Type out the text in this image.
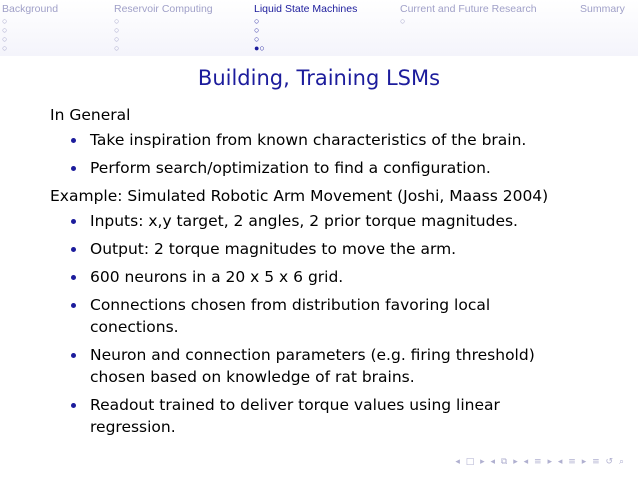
Background
○
○
○
○
Reservoir Computing
○
○
○
○
Liquid State Machines
○
○
○
●○
Current and Future Research
○
Summary
Building, Training LSMs

In General

Take inspiration from known characteristics of the brain.
Perform search/optimization to find a configuration.

Example: Simulated Robotic Arm Movement (Joshi, Maass 2004)

Inputs: x,y target, 2 angles, 2 prior torque magnitudes.
Output: 2 torque magnitudes to move the arm.
600 neurons in a 20 x 5 x 6 grid.
Connections chosen from distribution favoring local conections.
Neuron and connection parameters (e.g. firing threshold) chosen based on knowledge of rat brains.
Readout trained to deliver torque values using linear regression.
◂ □ ▸ ◂ ⧉ ▸ ◂ ≡ ▸ ◂ ≡ ▸ ≡ ↺ ⌕
